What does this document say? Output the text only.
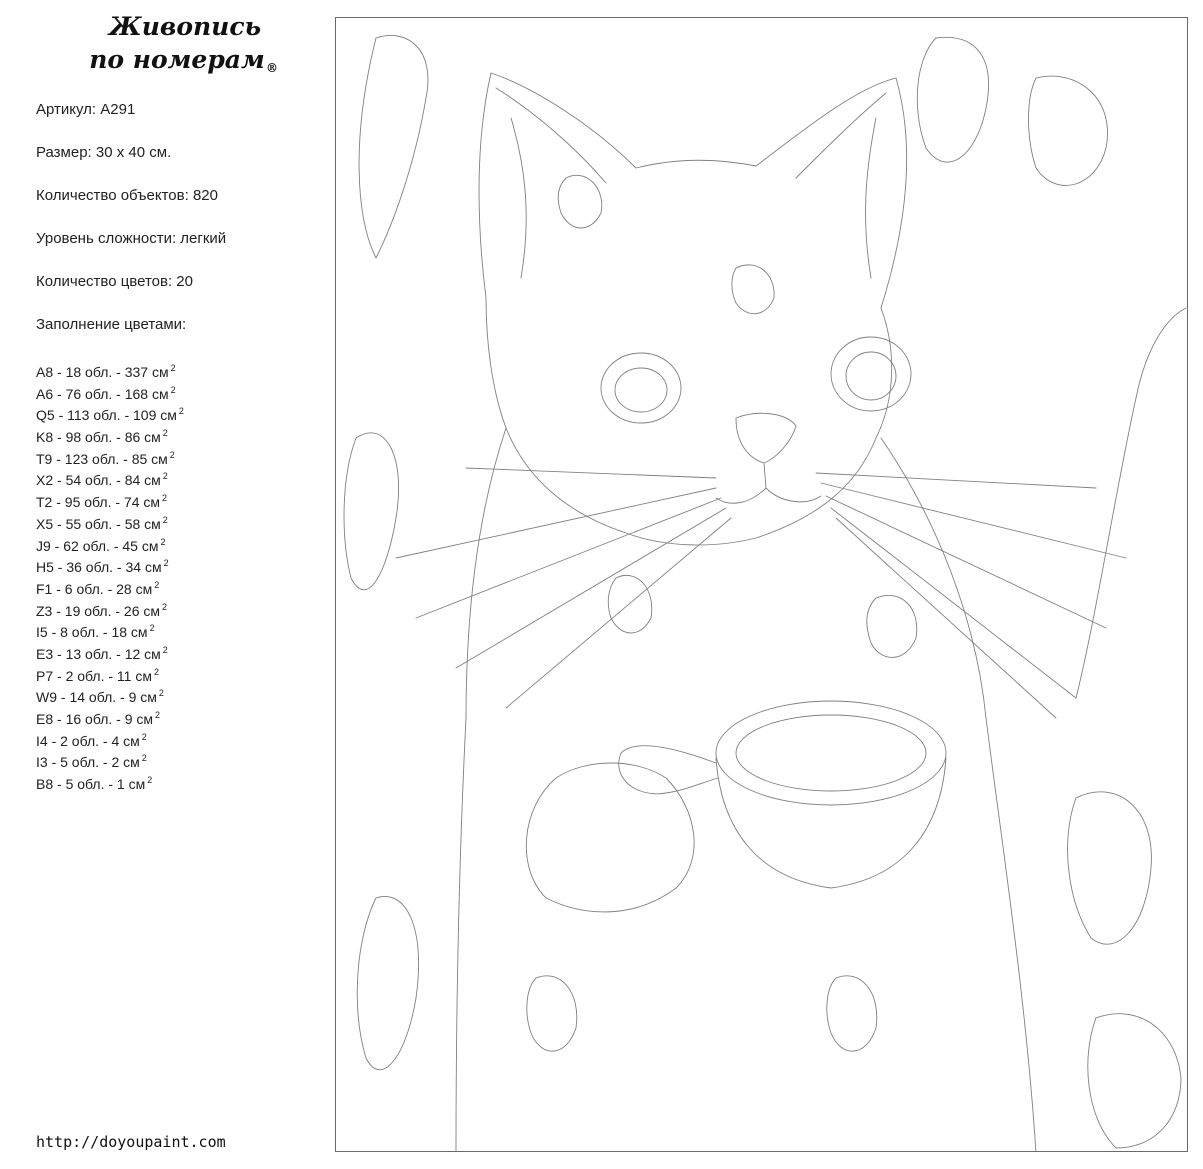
Живопись
по номерам ®
Артикул: А291
Размер: 30 х 40 см.
Количество объектов: 820
Уровень сложности: легкий
Количество цветов: 20
Заполнение цветами:
A8 - 18 обл. - 337 см $^2$
A6 - 76 обл. - 168 см $^2$
Q5 - 113 обл. - 109 см $^2$
K8 - 98 обл. - 86 см $^2$
T9 - 123 обл. - 85 см $^2$
X2 - 54 обл. - 84 см $^2$
T2 - 95 обл. - 74 см $^2$
X5 - 55 обл. - 58 см $^2$
J9 - 62 обл. - 45 см $^2$
H5 - 36 обл. - 34 см $^2$
F1 - 6 обл. - 28 см $^2$
Z3 - 19 обл. - 26 см $^2$
I5 - 8 обл. - 18 см $^2$
E3 - 13 обл. - 12 см $^2$
P7 - 2 обл. - 11 см $^2$
W9 - 14 обл. - 9 см $^2$
E8 - 16 обл. - 9 см $^2$
I4 - 2 обл. - 4 см $^2$
I3 - 5 обл. - 2 см $^2$
B8 - 5 обл. - 1 см $^2$
http://doyoupaint.com
